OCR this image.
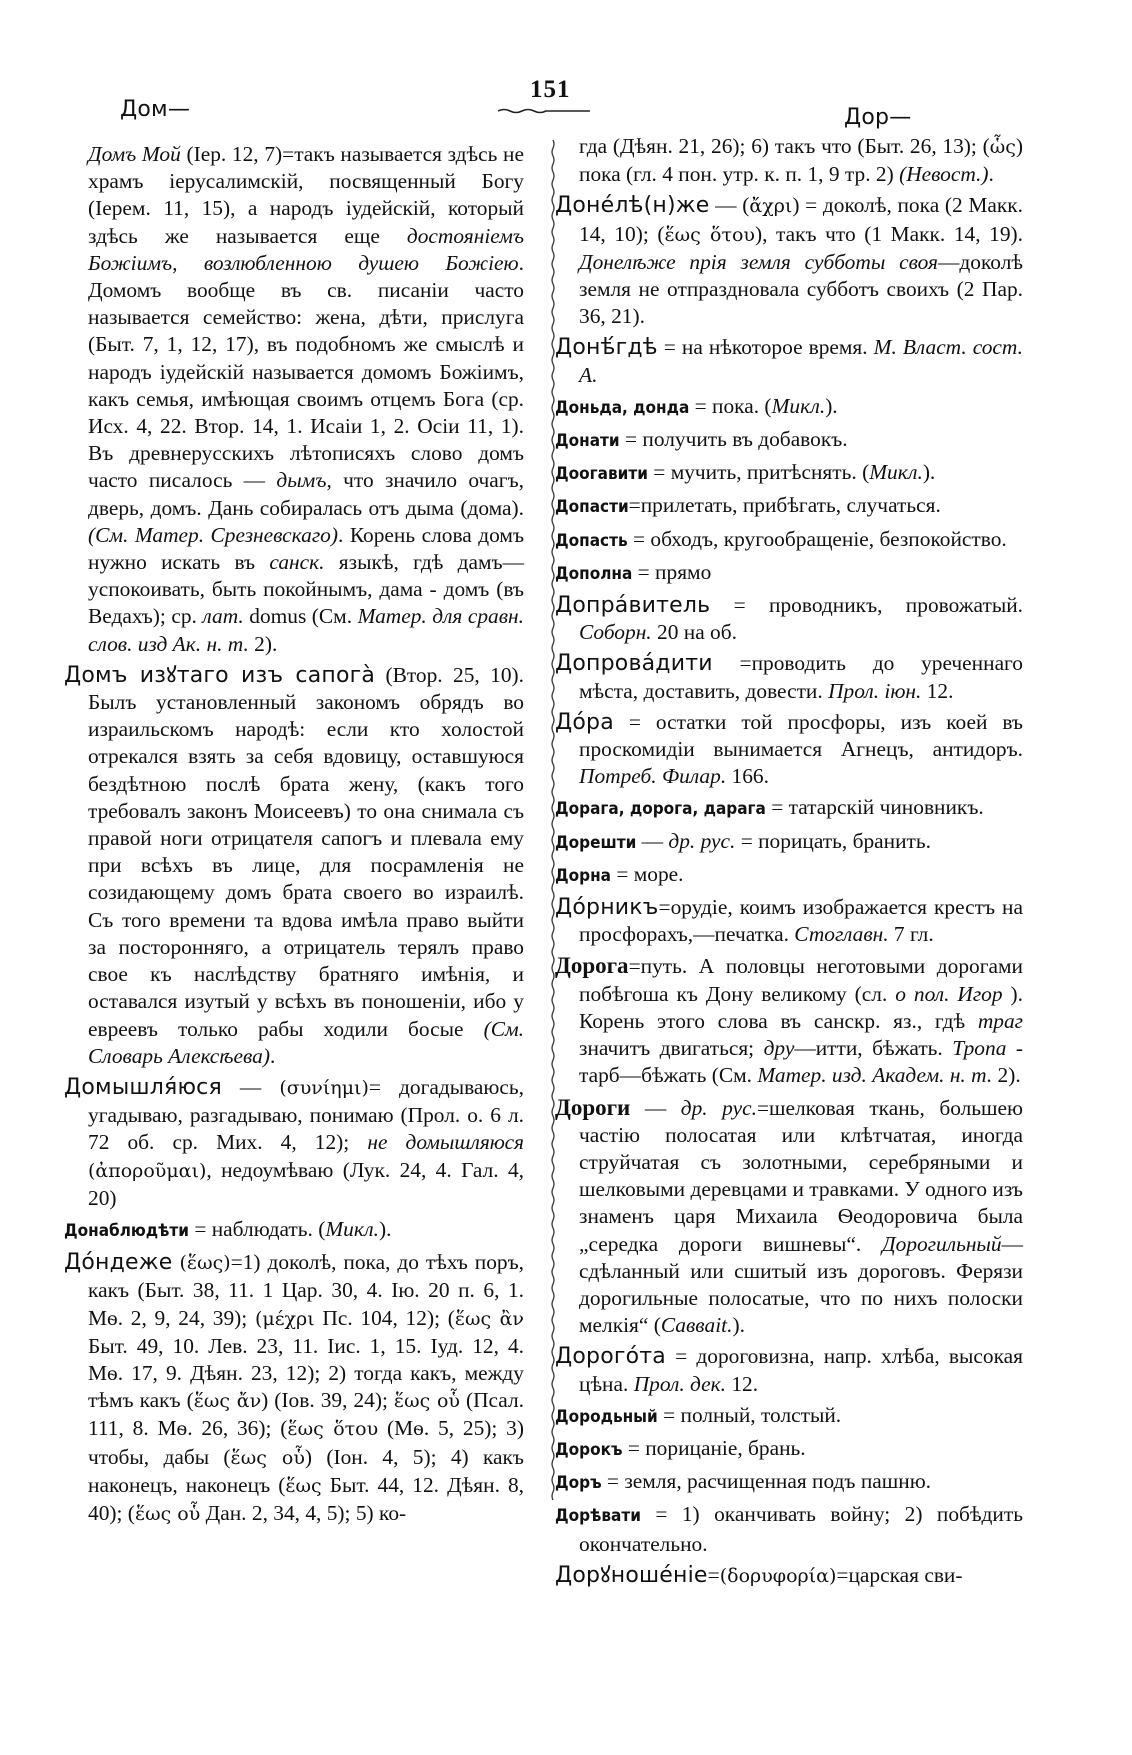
151
Дом—	Дор—

Домъ Мой (Iер. 12, 7)=такъ называется здѣсь не храмъ iерусалимскiй, посвященный Богу (Iерем. 11, 15), а народъ iудейскiй, который здѣсь же называется еще достоянiемъ Божiимъ, возлюбленною душею Божiею. Домомъ вообще въ св. писанiи часто называется семейство: жена, дѣти, прислуга (Быт. 7, 1, 12, 17), въ подобномъ же смыслѣ и народъ iудейскiй называется домомъ Божiимъ, какъ семья, имѣющая своимъ отцемъ Бога (ср. Исх. 4, 22. Втор. 14, 1. Исаiи 1, 2. Осiи 11, 1). Въ древнерусскихъ лѣтописяхъ слово домъ часто писалось — дымъ, что значило очагъ, дверь, домъ. Дань собиралась отъ дыма (дома). (См. Матер. Срезневскаго). Корень слова домъ нужно искать въ санск. языкѣ, гдѣ дамъ—успокоивать, быть покойнымъ, дама - домъ (въ Ведахъ); ср. лат. domus (См. Матер. для сравн. слов. изд Ак. н. т. 2).

Домъ изꙋтаго изъ сапогà (Втор. 25, 10). Былъ установленный закономъ обрядъ во израильскомъ народѣ: если кто холостой отрекался взять за себя вдовицу, оставшуюся бездѣтною послѣ брата жену, (какъ того требовалъ законъ Моисеевъ) то она снимала съ правой ноги отрицателя сапогъ и плевала ему при всѣхъ въ лице, для посрамленiя не созидающему домъ брата своего во израилѣ. Съ того времени та вдова имѣла право выйти за посторонняго, а отрицатель терялъ право свое къ наслѣдству братняго имѣнiя, и оставался изутый у всѣхъ въ поношенiи, ибо у евреевъ только рабы ходили босые (См. Словарь Алексѣева).

Домышля́юся — (συνίημι)= догадываюсь, угадываю, разгадываю, понимаю (Прол. о. 6 л. 72 об. ср. Мих. 4, 12); не домышляюся (ἀποροῦμαι), недоумѣваю (Лук. 24, 4. Гал. 4, 20)

Донаблюдѣти = наблюдать. (Микл.).

До́ндеже (ἕως)=1) доколѣ, пока, до тѣхъ поръ, какъ (Быт. 38, 11. 1 Цар. 30, 4. Iю. 20 п. 6, 1. Мѳ. 2, 9, 24, 39); (μέχρι Пс. 104, 12); (ἕως ἂν Быт. 49, 10. Лев. 23, 11. Iис. 1, 15. Iуд. 12, 4. Мѳ. 17, 9. Дѣян. 23, 12); 2) тогда какъ, между тѣмъ какъ (ἕως ἄν) (Iов. 39, 24); ἕως οὗ (Псал. 111, 8. Мѳ. 26, 36); (ἕως ὅτου (Мѳ. 5, 25); 3) чтобы, дабы (ἕως οὗ) (Iон. 4, 5); 4) какъ наконецъ, наконецъ (ἕως Быт. 44, 12. Дѣян. 8, 40); (ἕως οὗ Дан. 2, 34, 4, 5); 5) ко-

гда (Дѣян. 21, 26); 6) такъ что (Быт. 26, 13); (ὧς) пока (гл. 4 пон. утр. к. п. 1, 9 тр. 2) (Невост.).

Донéлѣ(н)же — (ἄχρι) = доколѣ, пока (2 Макк. 14, 10); (ἕως ὅτου), такъ что (1 Макк. 14, 19). Донелѣже прiя земля субботы своя—доколѣ земля не отпраздновала субботъ своихъ (2 Пар. 36, 21).

Донѣ́гдѣ = на нѣкоторое время. М. Власт. сост. А.

Доньда, донда = пока. (Микл.).

Донати = получить въ добавокъ.

Доогавити = мучить, притѣснять. (Микл.).

Допасти=прилетать, прибѣгать, случаться.

Допасть = обходъ, кругообращенiе, безпокойство.

Дополна = прямо

Допра́витель = проводникъ, провожатый. Соборн. 20 на об.

Допрова́дити =проводить до уреченнаго мѣста, доставить, довести. Прол. iюн. 12.

До́ра = остатки той просфоры, изъ коей въ проскомидiи вынимается Агнецъ, антидоръ. Потреб. Филар. 166.

Дорага, дорога, дарага = татарскiй чиновникъ.

Дорешти — др. рус. = порицать, бранить.

Дорна = море.

До́рникъ=орудiе, коимъ изображается крестъ на просфорахъ,—печатка. Стоглавн. 7 гл.

Дорога=путь. А половцы неготовыми дорогами побѣгоша къ Дону великому (сл. о пол. Игор ). Корень этого слова въ санскр. яз., гдѣ траг значитъ двигаться; дру—итти, бѣжать. Тропа - тарб—бѣжать (См. Матер. изд. Академ. н. т. 2).

Дороги — др. рус.=шелковая ткань, большею частiю полосатая или клѣтчатая, иногда струйчатая съ золотными, серебряными и шелковыми деревцами и травками. У одного изъ знаменъ царя Михаила Ѳеодоровича была „середка дороги вишневы“. Дорогильный—сдѣланный или сшитый изъ дороговъ. Ферязи дорогильные полосатые, что по нихъ полоски мелкiя“ (Саввait.).

Дорого́та = дороговизна, напр. хлѣба, высокая цѣна. Прол. дек. 12.

Дородьный = полный, толстый.

Дорокъ = порицанiе, брань.

Доръ = земля, расчищенная подъ пашню.

Дорѣвати = 1) оканчивать войну; 2) побѣдить окончательно.

Дорꙋноше́нiе=(δορυφορία)=царская сви-
